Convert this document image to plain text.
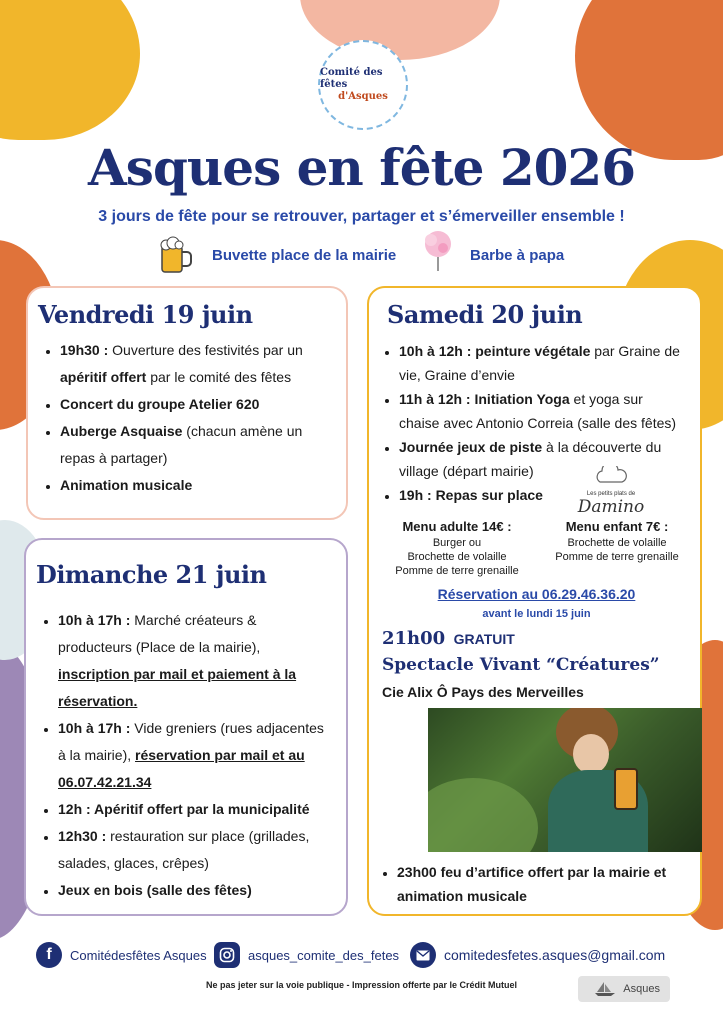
Comité des fêtes
d'Asques
Asques en fête 2026
3 jours de fête pour se retrouver, partager et s’émerveiller ensemble !
Buvette place de la mairie	Barbe à papa
Vendredi 19 juin
• 19h30 : Ouverture des festivités par un apéritif offert par le comité des fêtes
• Concert du groupe Atelier 620
• Auberge Asquaise (chacun amène un repas à partager)
• Animation musicale
Dimanche 21 juin
• 10h à 17h : Marché créateurs & producteurs (Place de la mairie), inscription par mail et paiement à la réservation.
• 10h à 17h : Vide greniers (rues adjacentes à la mairie), réservation par mail et au 06.07.42.21.34
• 12h : Apéritif offert par la municipalité
• 12h30 : restauration sur place (grillades, salades, glaces, crêpes)
• Jeux en bois (salle des fêtes)
Samedi 20 juin
• 10h à 12h : peinture végétale par Graine de vie, Graine d’envie
• 11h à 12h : Initiation Yoga et yoga sur chaise avec Antonio Correia (salle des fêtes)
• Journée jeux de piste à la découverte du village (départ mairie)
• 19h : Repas sur place	Les petits plats de
Damino
Menu adulte 14€ :
Burger ou
Brochette de volaille
Pomme de terre grenaille
Menu enfant 7€ :
Brochette de volaille
Pomme de terre grenaille
Réservation au 06.29.46.36.20
avant le lundi 15 juin
21h00 GRATUIT
Spectacle Vivant “Créatures”
Cie Alix Ô Pays des Merveilles
• 23h00 feu d’artifice offert par la mairie et animation musicale
f	Comitédesfêtes Asques	asques_comite_des_fetes	comitedesfetes.asques@gmail.com
Ne pas jeter sur la voie publique - Impression offerte par le Crédit Mutuel	Asques
